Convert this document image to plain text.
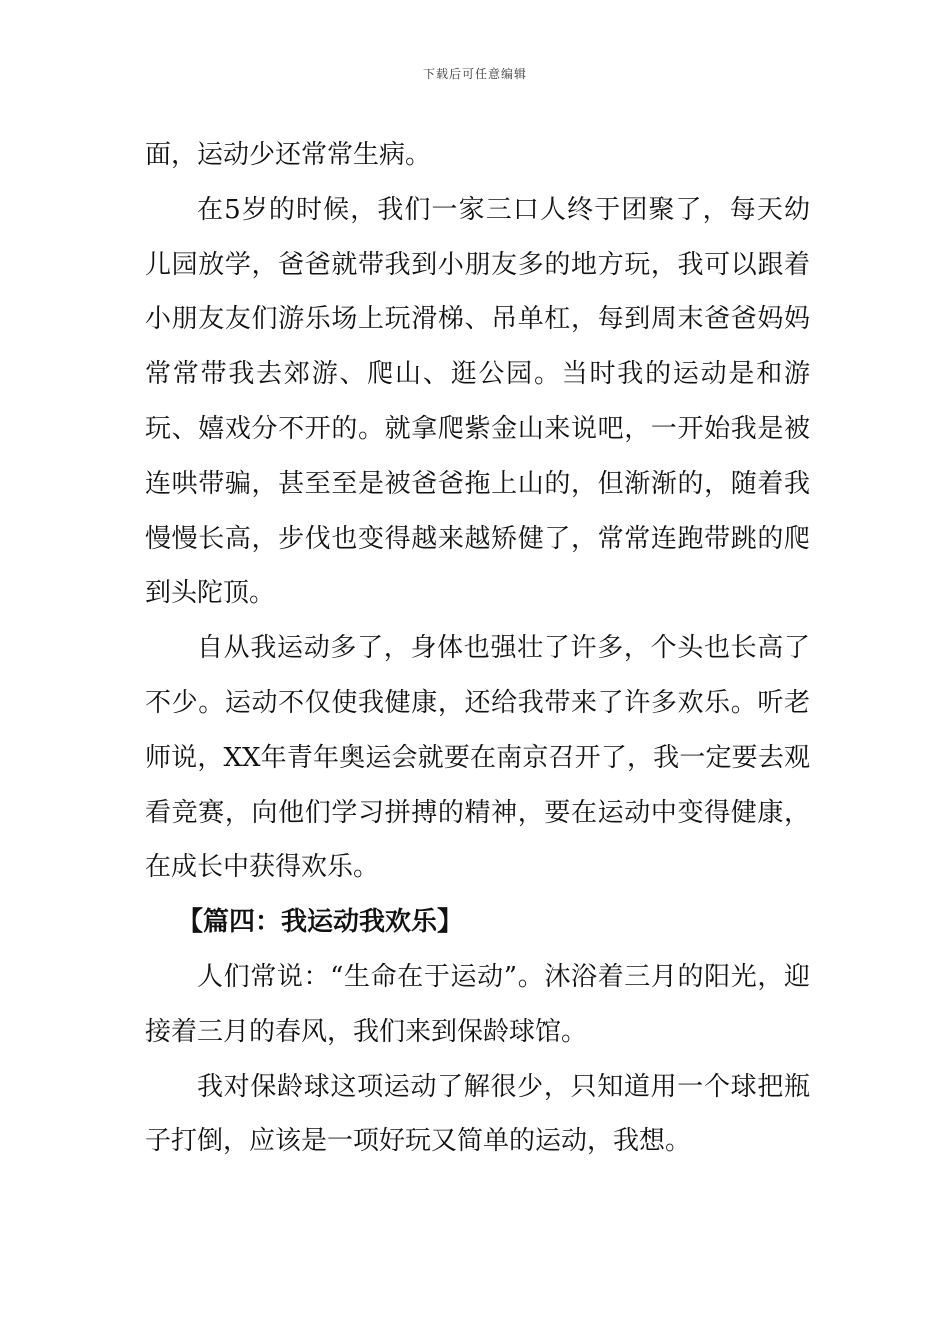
下载后可任意编辑

面，运动少还常常生病。

在5岁的时候，我们一家三口人终于团聚了，每天幼儿园放学，爸爸就带我到小朋友多的地方玩，我可以跟着小朋友友们游乐场上玩滑梯、吊单杠，每到周末爸爸妈妈常常带我去郊游、爬山、逛公园。当时我的运动是和游玩、嬉戏分不开的。就拿爬紫金山来说吧，一开始我是被连哄带骗，甚至至是被爸爸拖上山的，但渐渐的，随着我慢慢长高，步伐也变得越来越矫健了，常常连跑带跳的爬到头陀顶。

自从我运动多了，身体也强壮了许多，个头也长高了不少。运动不仅使我健康，还给我带来了许多欢乐。听老师说，XX年青年奥运会就要在南京召开了，我一定要去观看竞赛，向他们学习拼搏的精神，要在运动中变得健康，在成长中获得欢乐。

【篇四：我运动我欢乐】

人们常说：“生命在于运动”。沐浴着三月的阳光，迎接着三月的春风，我们来到保龄球馆。

我对保龄球这项运动了解很少，只知道用一个球把瓶子打倒，应该是一项好玩又简单的运动，我想。
